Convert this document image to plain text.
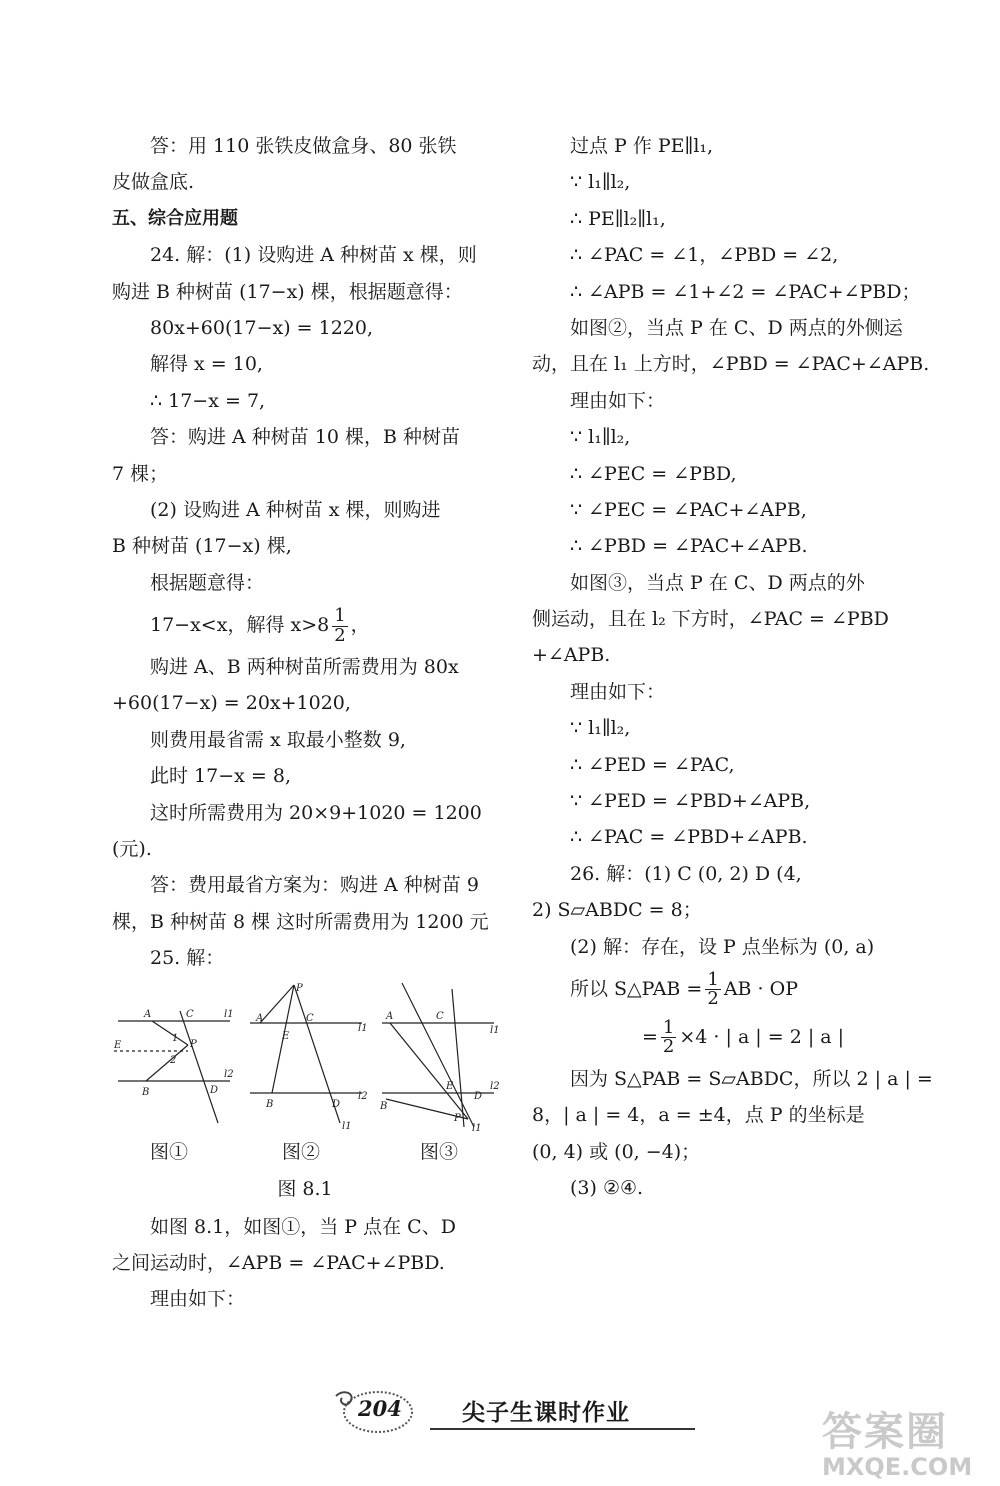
答：用 110 张铁皮做盒身、80 张铁
皮做盒底.
五、综合应用题
24. 解：(1) 设购进 A 种树苗 x 棵，则
购进 B 种树苗 (17−x) 棵，根据题意得：
80x+60(17−x) = 1220,
解得 x = 10,
∴ 17−x = 7,
答：购进 A 种树苗 10 棵，B 种树苗
7 棵；
(2) 设购进 A 种树苗 x 棵，则购进
B 种树苗 (17−x) 棵,
根据题意得：
17−x<x，解得 $x>8 \frac{1}{2}$ ，
购进 A、B 两种树苗所需费用为 80x
+60(17−x) = 20x+1020,
则费用最省需 x 取最小整数 9,
此时 17−x = 8,
这时所需费用为 20×9+1020 = 1200
(元).
答：费用最省方案为：购进 A 种树苗 9
棵，B 种树苗 8 棵 这时所需费用为 1200 元
25. 解：
A	C	l1
E	P
1
2
B	D
l2
P
A	C
E
l1
B	D
l2
l1
A	C
l1
E
B
D
l2
P
l1
图①	图②	图③
图 8.1
如图 8.1，如图①，当 P 点在 C、D
之间运动时，∠APB = ∠PAC+∠PBD.
理由如下：
过点 P 作 PE∥l₁,
∵ l₁∥l₂,
∴ PE∥l₂∥l₁,
∴ ∠PAC = ∠1，∠PBD = ∠2,
∴ ∠APB = ∠1+∠2 = ∠PAC+∠PBD；
如图②，当点 P 在 C、D 两点的外侧运
动，且在 l₁ 上方时，∠PBD = ∠PAC+∠APB.
理由如下：
∵ l₁∥l₂,
∴ ∠PEC = ∠PBD,
∵ ∠PEC = ∠PAC+∠APB,
∴ ∠PBD = ∠PAC+∠APB.
如图③，当点 P 在 C、D 两点的外
侧运动，且在 l₂ 下方时，∠PAC = ∠PBD
+∠APB.
理由如下：
∵ l₁∥l₂,
∴ ∠PED = ∠PAC,
∵ ∠PED = ∠PBD+∠APB,
∴ ∠PAC = ∠PBD+∠APB.
26. 解：(1) C (0, 2) D (4,
2) S▱ABDC = 8；
(2) 解：存在，设 P 点坐标为 (0, a)
所以 S△PAB = $\frac{1}{2}$ AB · OP
= $\frac{1}{2} \times 4$ · | a | = 2 | a |
因为 S△PAB = S▱ABDC，所以 2 | a | =
8，| a | = 4，a = ±4，点 P 的坐标是
(0, 4) 或 (0, −4)；
(3) ②④.
204	尖子生课时作业	答案圈
MXQE.COM
